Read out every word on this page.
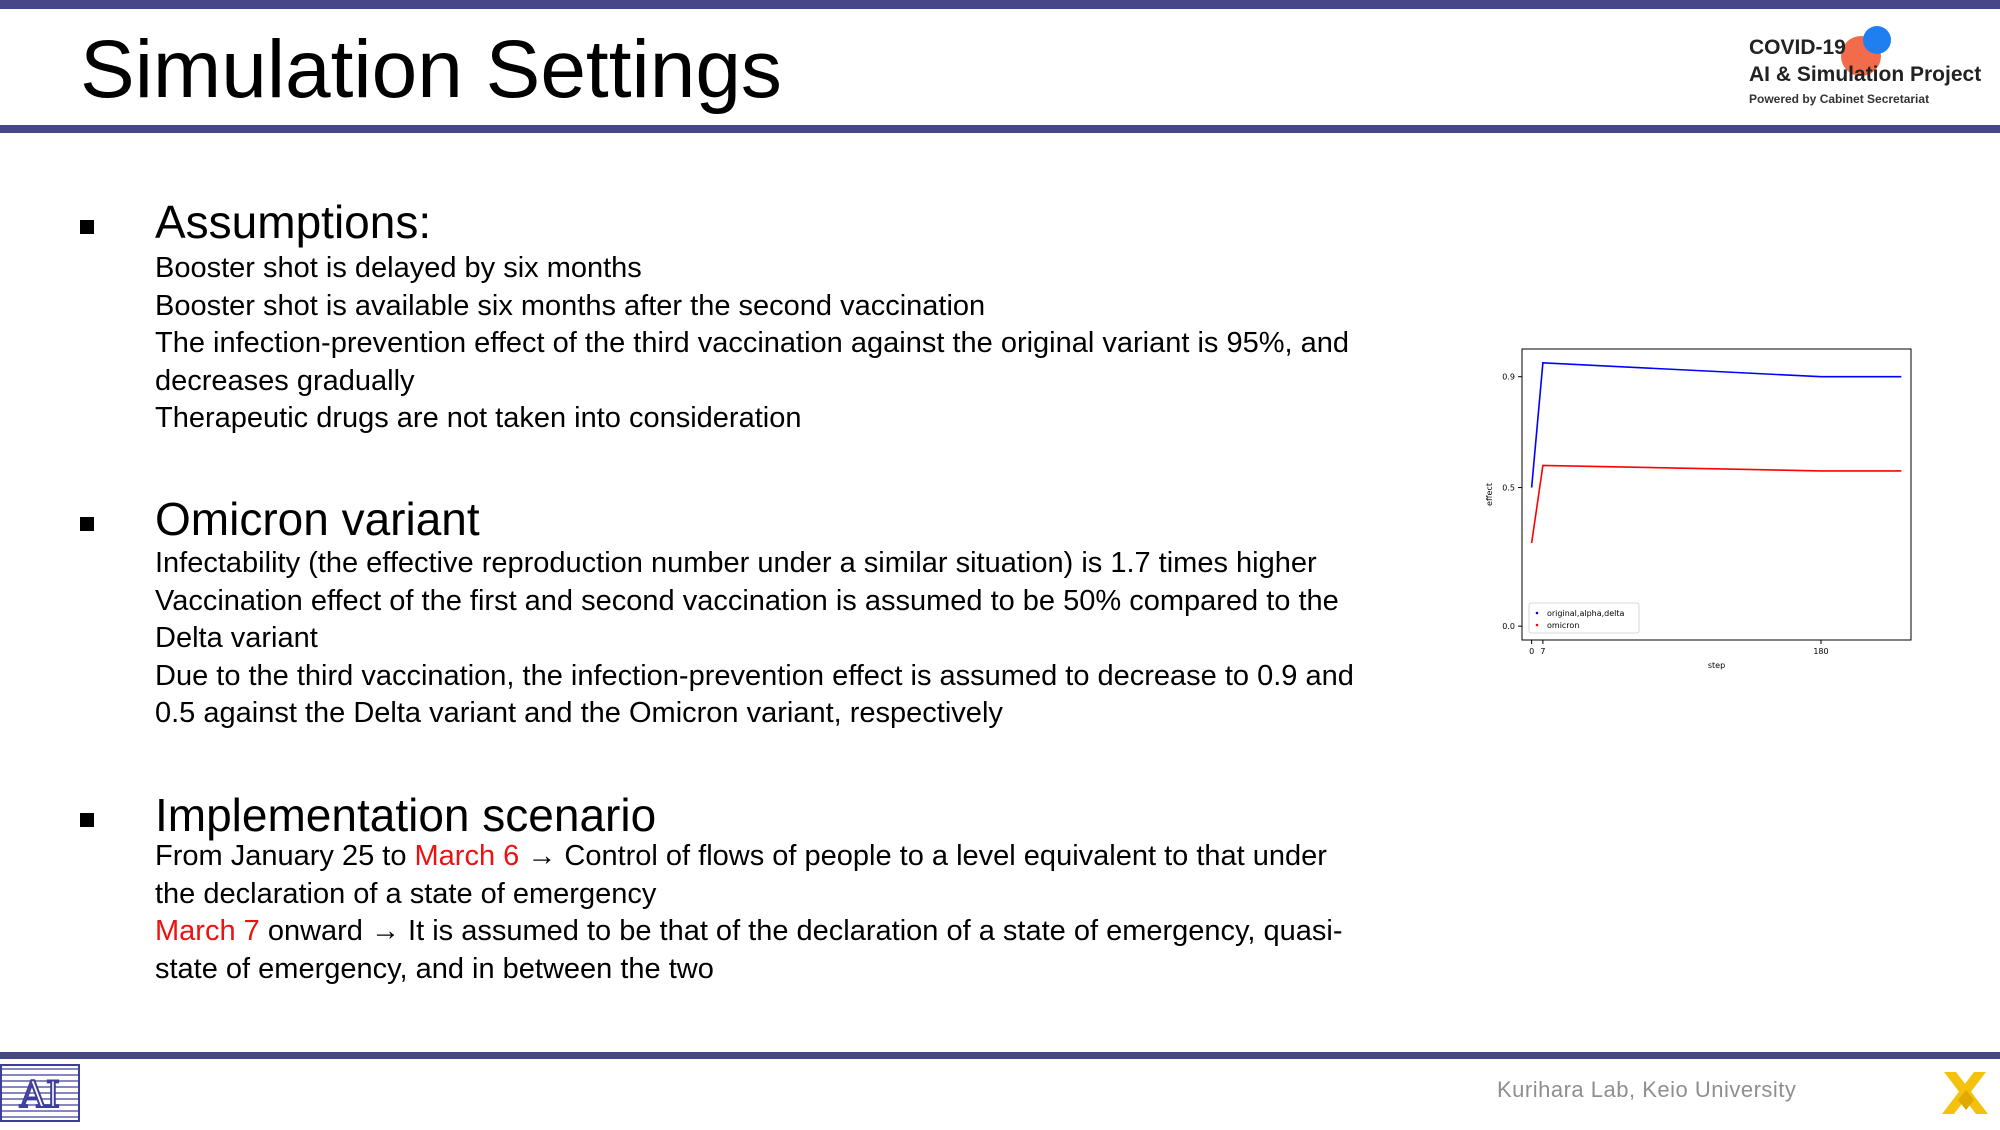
Simulation Settings	COVID-19
AI & Simulation Project
Powered by Cabinet Secretariat
Assumptions:
Booster shot is delayed by six months
Booster shot is available six months after the second vaccination
The infection-prevention effect of the third vaccination against the original variant is 95%, and
decreases gradually
Therapeutic drugs are not taken into consideration
Omicron variant
Infectability (the effective reproduction number under a similar situation) is 1.7 times higher
Vaccination effect of the first and second vaccination is assumed to be 50% compared to the
Delta variant
Due to the third vaccination, the infection-prevention effect is assumed to decrease to 0.9 and
0.5 against the Delta variant and the Omicron variant, respectively
Implementation scenario
From January 25 to March 6 → Control of flows of people to a level equivalent to that under
the declaration of a state of emergency
March 7 onward → It is assumed to be that of the declaration of a state of emergency, quasi-
state of emergency, and in between the two
0.0
0.5
0.9
0 7	180
step
effect
original,alpha,delta
omicron
AI	Kurihara Lab, Keio University
